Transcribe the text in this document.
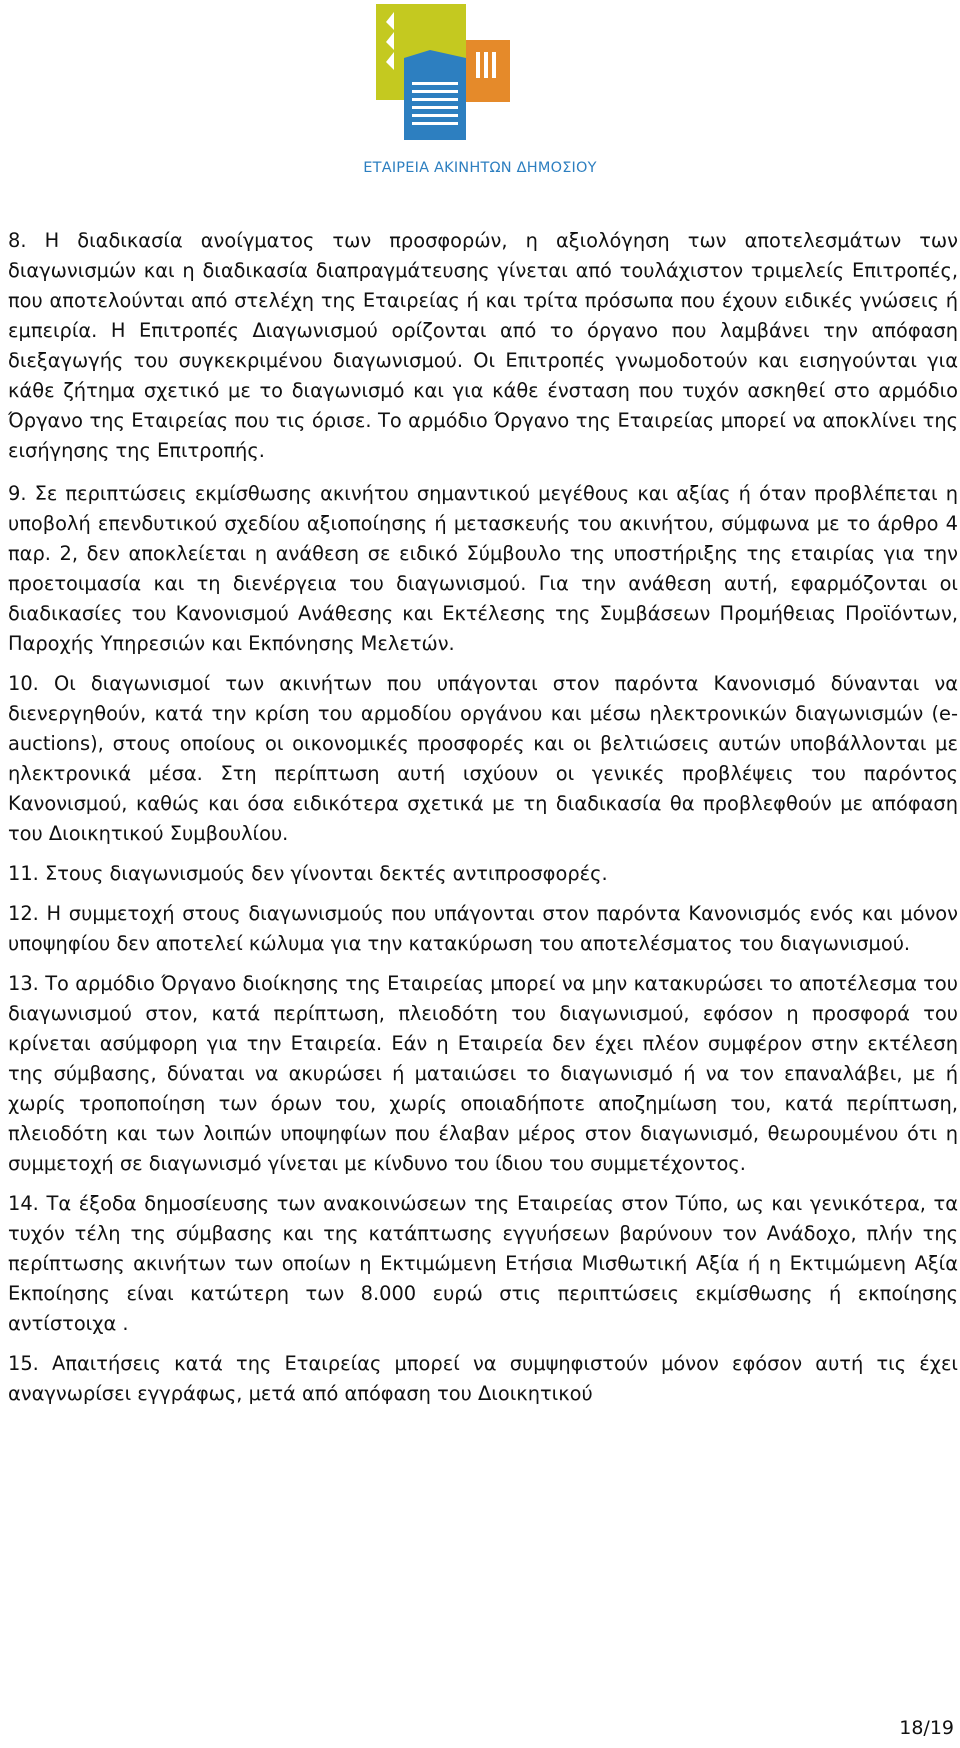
ΕΤΑΙΡΕΙΑ ΑΚΙΝΗΤΩΝ ΔΗΜΟΣΙΟΥ

8. Η διαδικασία ανοίγματος των προσφορών, η αξιολόγηση των αποτελεσμάτων των διαγωνισμών και η διαδικασία διαπραγμάτευσης γίνεται από τουλάχιστον τριμελείς Επιτροπές, που αποτελούνται από στελέχη της Εταιρείας ή και τρίτα πρόσωπα που έχουν ειδικές γνώσεις ή εμπειρία. Η Επιτροπές Διαγωνισμού ορίζονται από το όργανο που λαμβάνει την απόφαση διεξαγωγής του συγκεκριμένου διαγωνισμού. Οι Επιτροπές γνωμοδοτούν και εισηγούνται για κάθε ζήτημα σχετικό με το διαγωνισμό και για κάθε ένσταση που τυχόν ασκηθεί στο αρμόδιο Όργανο της Εταιρείας που τις όρισε. Το αρμόδιο Όργανο της Εταιρείας μπορεί να αποκλίνει της εισήγησης της Επιτροπής.

9. Σε περιπτώσεις εκμίσθωσης ακινήτου σημαντικού μεγέθους και αξίας ή όταν προβλέπεται η υποβολή επενδυτικού σχεδίου αξιοποίησης ή μετασκευής του ακινήτου, σύμφωνα με το άρθρο 4 παρ. 2, δεν αποκλείεται η ανάθεση σε ειδικό Σύμβουλο της υποστήριξης της εταιρίας για την προετοιμασία και τη διενέργεια του διαγωνισμού. Για την ανάθεση αυτή, εφαρμόζονται οι διαδικασίες του Κανονισμού Ανάθεσης και Εκτέλεσης της Συμβάσεων Προμήθειας Προϊόντων, Παροχής Υπηρεσιών και Εκπόνησης Μελετών.

10. Οι διαγωνισμοί των ακινήτων που υπάγονται στον παρόντα Κανονισμό δύνανται να διενεργηθούν, κατά την κρίση του αρμοδίου οργάνου και μέσω ηλεκτρονικών διαγωνισμών (e- auctions), στους οποίους οι οικονομικές προσφορές και οι βελτιώσεις αυτών υποβάλλονται με ηλεκτρονικά μέσα. Στη περίπτωση αυτή ισχύουν οι γενικές προβλέψεις του παρόντος Κανονισμού, καθώς και όσα ειδικότερα σχετικά με τη διαδικασία θα προβλεφθούν με απόφαση του Διοικητικού Συμβουλίου.

11. Στους διαγωνισμούς δεν γίνονται δεκτές αντιπροσφορές.

12. Η συμμετοχή στους διαγωνισμούς που υπάγονται στον παρόντα Κανονισμός ενός και μόνον υποψηφίου δεν αποτελεί κώλυμα για την κατακύρωση του αποτελέσματος του διαγωνισμού.

13. Το αρμόδιο Όργανο διοίκησης της Εταιρείας μπορεί να μην κατακυρώσει το αποτέλεσμα του διαγωνισμού στον, κατά περίπτωση, πλειοδότη του διαγωνισμού, εφόσον η προσφορά του κρίνεται ασύμφορη για την Εταιρεία. Εάν η Εταιρεία δεν έχει πλέον συμφέρον στην εκτέλεση της σύμβασης, δύναται να ακυρώσει ή ματαιώσει το διαγωνισμό ή να τον επαναλάβει, με ή χωρίς τροποποίηση των όρων του, χωρίς οποιαδήποτε αποζημίωση του, κατά περίπτωση, πλειοδότη και των λοιπών υποψηφίων που έλαβαν μέρος στον διαγωνισμό, θεωρουμένου ότι η συμμετοχή σε διαγωνισμό γίνεται με κίνδυνο του ίδιου του συμμετέχοντος.

14. Τα έξοδα δημοσίευσης των ανακοινώσεων της Εταιρείας στον Τύπο, ως και γενικότερα, τα τυχόν τέλη της σύμβασης και της κατάπτωσης εγγυήσεων βαρύνουν τον Ανάδοχο, πλήν της περίπτωσης ακινήτων των οποίων η Εκτιμώμενη Ετήσια Μισθωτική Αξία ή η Εκτιμώμενη Αξία Εκποίησης είναι κατώτερη των 8.000 ευρώ στις περιπτώσεις εκμίσθωσης ή εκποίησης αντίστοιχα .

15. Απαιτήσεις κατά της Εταιρείας μπορεί να συμψηφιστούν μόνον εφόσον αυτή τις έχει αναγνωρίσει εγγράφως, μετά από απόφαση του Διοικητικού

18/19
